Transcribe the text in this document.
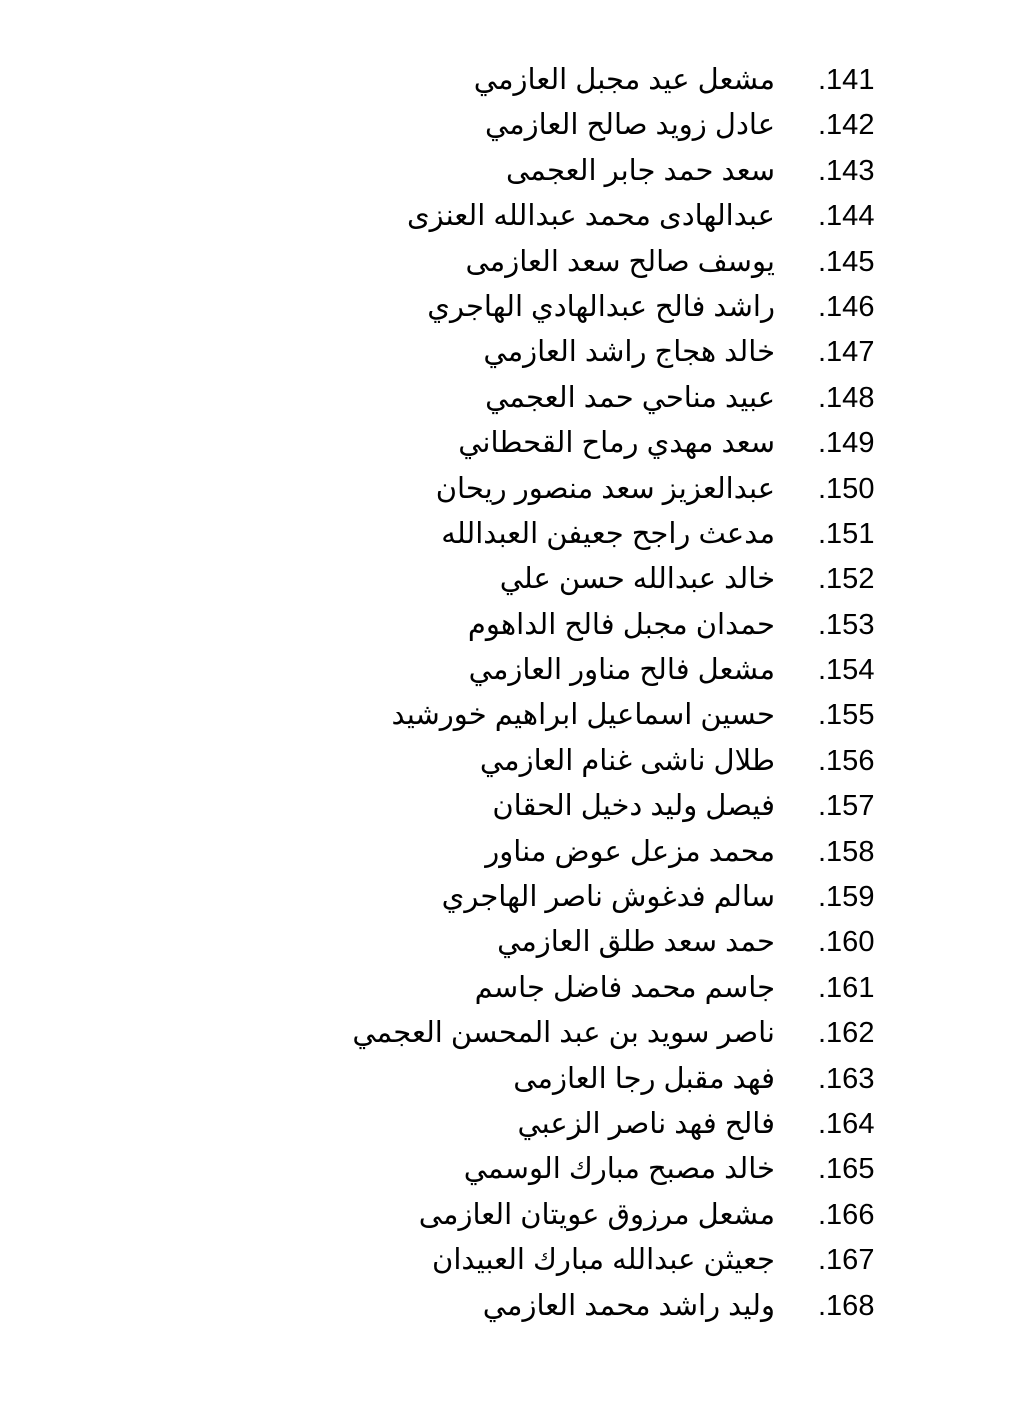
.141
مشعل عيد مجبل العازمي
.142
عادل زويد صالح العازمي
.143
سعد حمد جابر العجمى
.144
عبدالهادى محمد عبدالله العنزى
.145
يوسف صالح سعد العازمى
.146
راشد فالح عبدالهادي الهاجري
.147
خالد هجاج راشد العازمي
.148
عبيد مناحي حمد العجمي
.149
سعد مهدي رماح القحطاني
.150
عبدالعزيز سعد منصور ريحان
.151
مدعث راجح جعيفن العبدالله
.152
خالد عبدالله حسن علي
.153
حمدان مجبل فالح الداهوم
.154
مشعل فالح مناور العازمي
.155
حسين اسماعيل ابراهيم خورشيد
.156
طلال ناشى غنام العازمي
.157
فيصل وليد دخيل الحقان
.158
محمد مزعل عوض مناور
.159
سالم فدغوش ناصر الهاجري
.160
حمد سعد طلق العازمي
.161
جاسم محمد فاضل جاسم
.162
ناصر سويد بن عبد المحسن العجمي
.163
فهد مقبل رجا العازمى
.164
فالح فهد ناصر الزعبي
.165
خالد مصبح مبارك الوسمي
.166
مشعل مرزوق عويتان العازمى
.167
جعيثن عبدالله مبارك العبيدان
.168
وليد راشد محمد العازمي
